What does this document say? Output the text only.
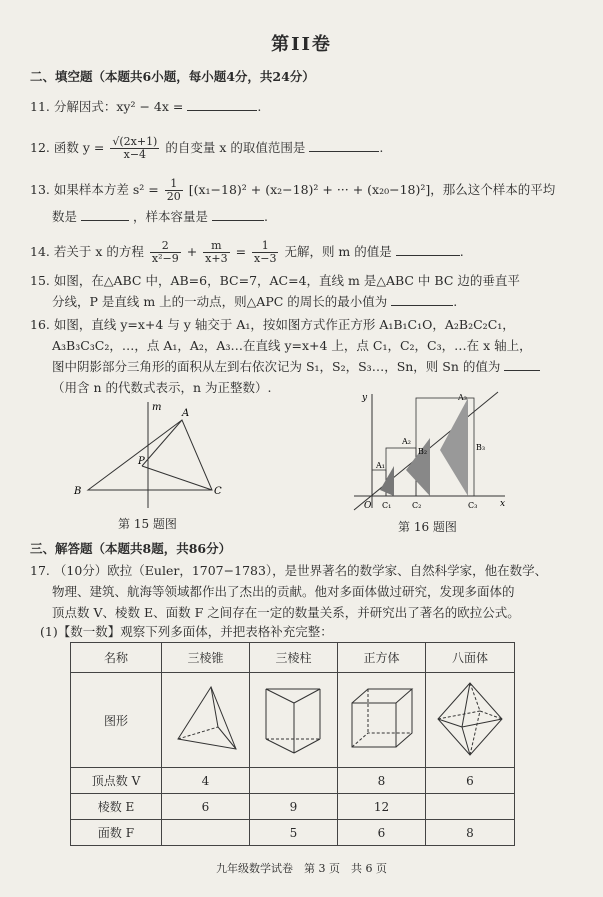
第II卷
二、填空题（本题共6小题，每小题4分，共24分）
11. 分解因式：xy² − 4x =	.
12. 函数 $y = \frac{√(2x+1)}{x-4}$ 的自变量 x 的取值范围是	.
13. 如果样本方差 $s^2 = \frac{1}{20} [(x_1-18)^2 + (x_2-18)^2$ + ··· + (x₂₀−18)²]，那么这个样本的平均
数是	，样本容量是	.
14. 若关于 x 的方程 $\frac{2}{\text{x²−9}} + \frac{m}{x+3} = \frac{1}{x-3}$ 无解，则 m 的值是	.
15. 如图，在△ABC 中，AB=6，BC=7，AC=4，直线 m 是△ABC 中 BC 边的垂直平
分线，P 是直线 m 上的一动点，则△APC 的周长的最小值为	.
16. 如图，直线 y=x+4 与 y 轴交于 A₁，按如图方式作正方形 A₁B₁C₁O，A₂B₂C₂C₁，
A₃B₃C₃C₂，…，点 A₁，A₂，A₃…在直线 y=x+4 上，点 C₁，C₂，C₃，…在 x 轴上，
图中阴影部分三角形的面积从左到右依次记为 S₁，S₂，S₃…，Sn，则 Sn 的值为
（用含 n 的代数式表示，n 为正整数）.
m
A
P
B	C
第 15 题图
y
x
O
A₁
A₂
A₃
B₂	B₃
C₁	C₂	C₃
第 16 题图
三、解答题（本题共8题，共86分）
17. （10分）欧拉（Euler，1707−1783），是世界著名的数学家、自然科学家，他在数学、
物理、建筑、航海等领域都作出了杰出的贡献。他对多面体做过研究，发现多面体的
顶点数 V、棱数 E、面数 F 之间存在一定的数量关系，并研究出了著名的欧拉公式。
(1)【数一数】观察下列多面体，并把表格补充完整：
名称	三棱锥	三棱柱	正方体	八面体
图形				
顶点数 V	4		8	6
棱数 E	6	9	12	
面数 F		5	6	8
九年级数学试卷　第 3 页　共 6 页
